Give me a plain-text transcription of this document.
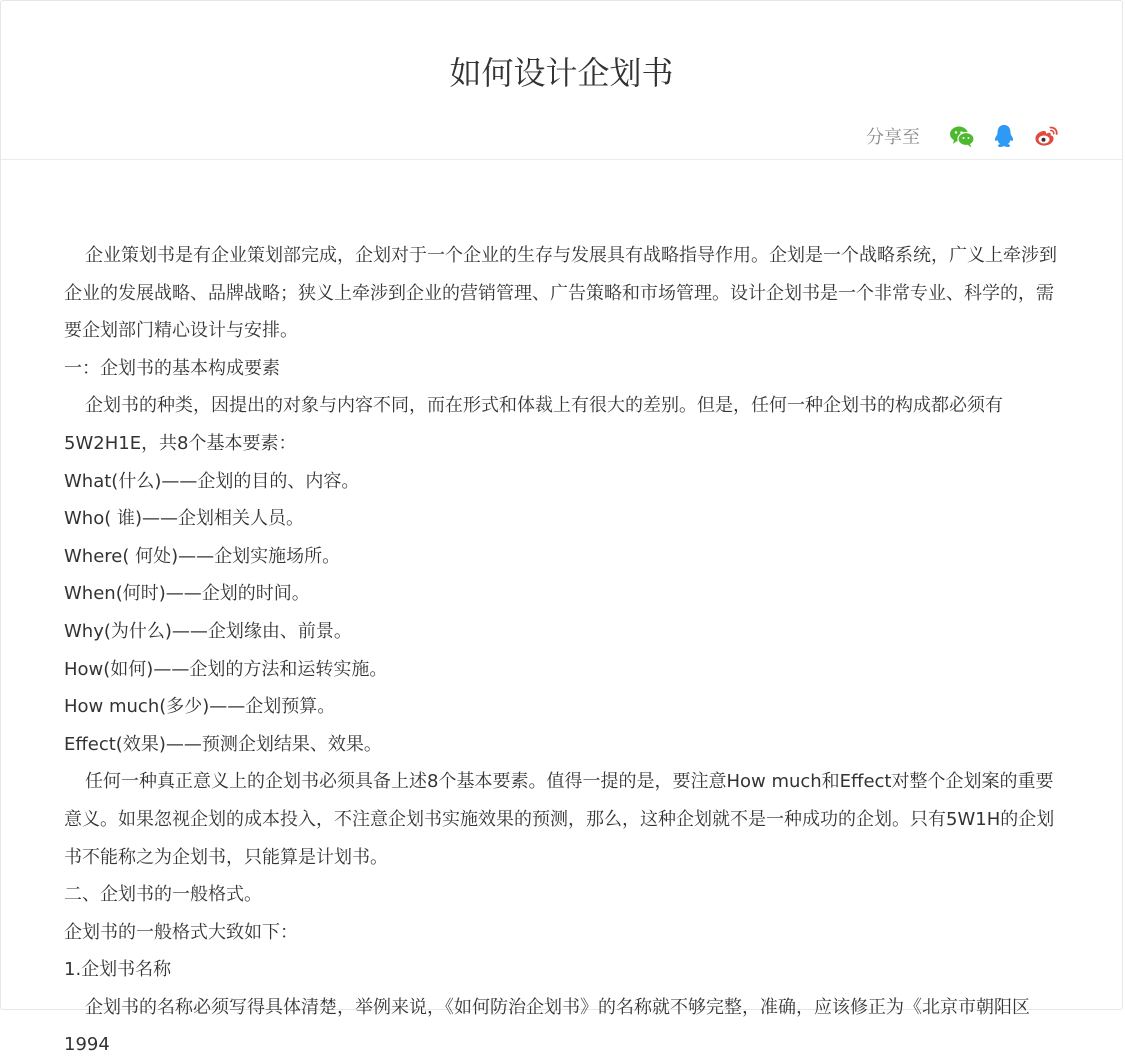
如何设计企划书
分享至

企业策划书是有企业策划部完成，企划对于一个企业的生存与发展具有战略指导作用。企划是一个战略系统，广义上牵涉到企业的发展战略、品牌战略；狭义上牵涉到企业的营销管理、广告策略和市场管理。设计企划书是一个非常专业、科学的，需要企划部门精心设计与安排。

一：企划书的基本构成要素

企划书的种类，因提出的对象与内容不同，而在形式和体裁上有很大的差别。但是，任何一种企划书的构成都必须有5W2H1E，共8个基本要素：

What(什么)——企划的目的、内容。

Who( 谁)——企划相关人员。

Where( 何处)——企划实施场所。

When(何时)——企划的时间。

Why(为什么)——企划缘由、前景。

How(如何)——企划的方法和运转实施。

How much(多少)——企划预算。

Effect(效果)——预测企划结果、效果。

任何一种真正意义上的企划书必须具备上述8个基本要素。值得一提的是，要注意How much和Effect对整个企划案的重要意义。如果忽视企划的成本投入，不注意企划书实施效果的预测，那么，这种企划就不是一种成功的企划。只有5W1H的企划书不能称之为企划书，只能算是计划书。

二、企划书的一般格式。

企划书的一般格式大致如下：

1.企划书名称

企划书的名称必须写得具体清楚，举例来说，《如何防治企划书》的名称就不够完整，准确，应该修正为《北京市朝阳区1994
